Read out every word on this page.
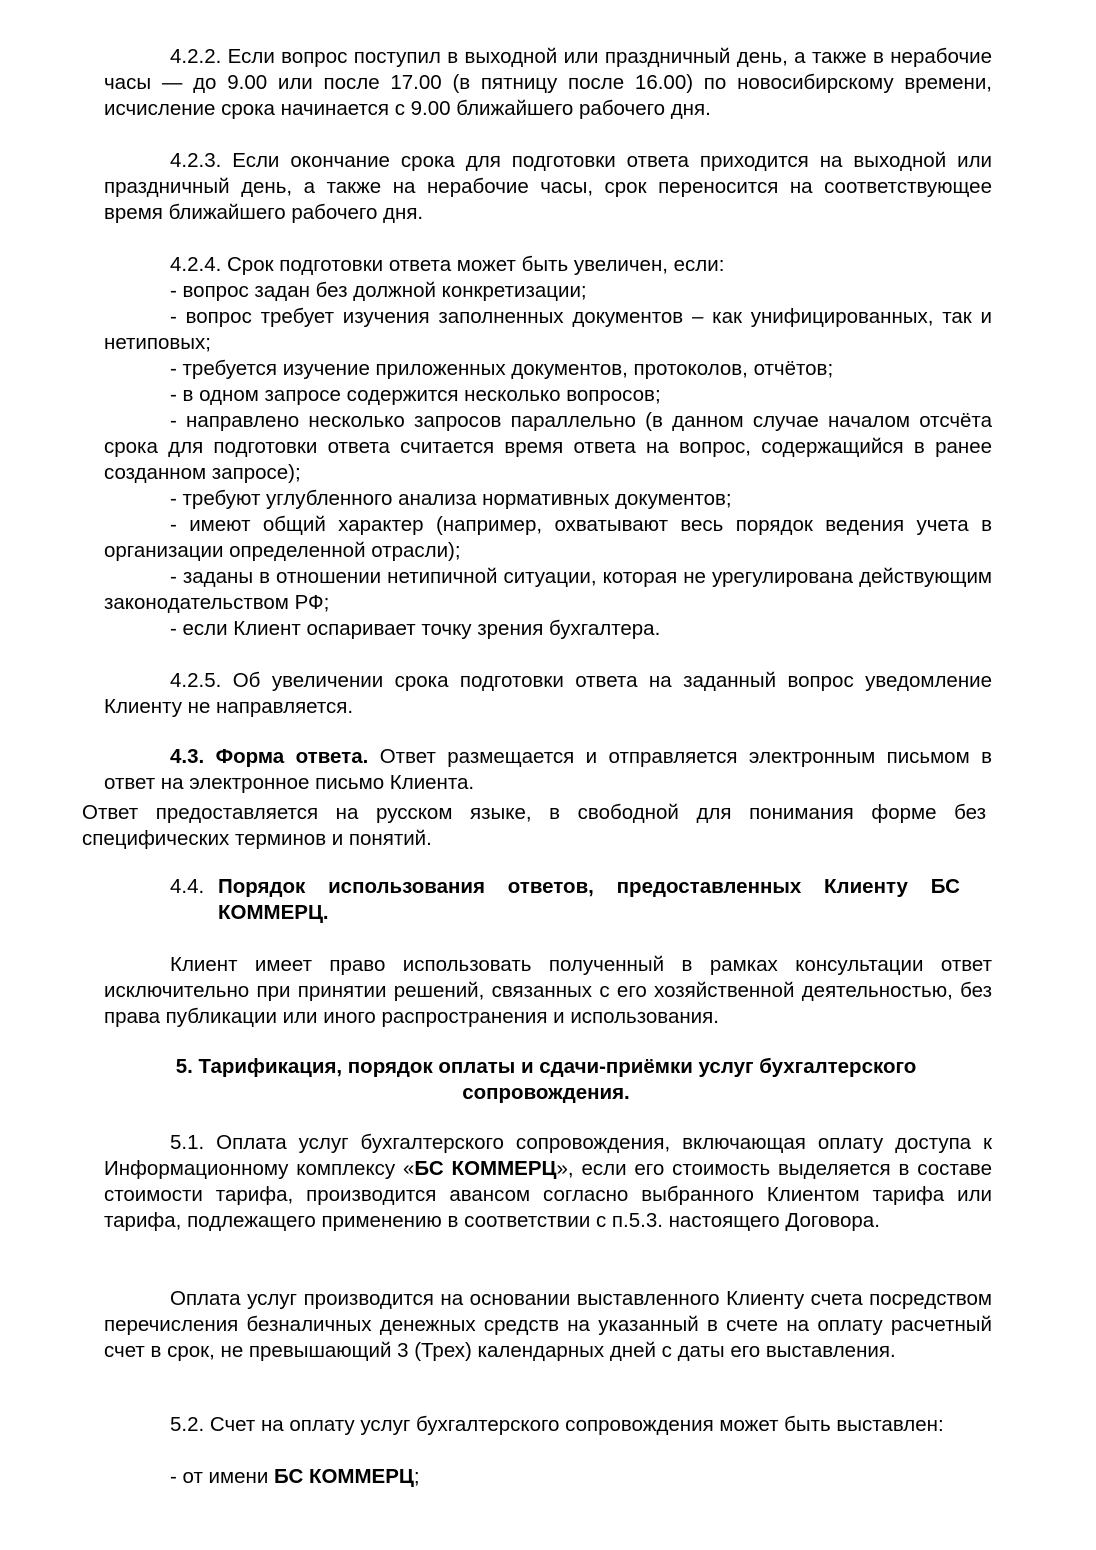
4.2.2. Если вопрос поступил в выходной или праздничный день, а также в нерабочие часы — до 9.00 или после 17.00 (в пятницу после 16.00) по новосибирскому времени, исчисление срока начинается с 9.00 ближайшего рабочего дня.

4.2.3. Если окончание срока для подготовки ответа приходится на выходной или праздничный день, а также на нерабочие часы, срок переносится на соответствующее время ближайшего рабочего дня.

4.2.4. Срок подготовки ответа может быть увеличен, если:

- вопрос задан без должной конкретизации;

- вопрос требует изучения заполненных документов – как унифицированных, так и нетиповых;

- требуется изучение приложенных документов, протоколов, отчётов;

- в одном запросе содержится несколько вопросов;

- направлено несколько запросов параллельно (в данном случае началом отсчёта срока для подготовки ответа считается время ответа на вопрос, содержащийся в ранее созданном запросе);

- требуют углубленного анализа нормативных документов;

- имеют общий характер (например, охватывают весь порядок ведения учета в организации определенной отрасли);

- заданы в отношении нетипичной ситуации, которая не урегулирована действующим законодательством РФ;

- если Клиент оспаривает точку зрения бухгалтера.

4.2.5. Об увеличении срока подготовки ответа на заданный вопрос уведомление Клиенту не направляется.

4.3. Форма ответа. Ответ размещается и отправляется электронным письмом в ответ на электронное письмо Клиента.

Ответ предоставляется на русском языке, в свободной для понимания форме без специфических терминов и понятий.

4.4. Порядок использования ответов, предоставленных Клиенту БС КОММЕРЦ.

Клиент имеет право использовать полученный в рамках консультации ответ исключительно при принятии решений, связанных с его хозяйственной деятельностью, без права публикации или иного распространения и использования.

5. Тарификация, порядок оплаты и сдачи-приёмки услуг бухгалтерского сопровождения.

5.1. Оплата услуг бухгалтерского сопровождения, включающая оплату доступа к Информационному комплексу «БС КОММЕРЦ», если его стоимость выделяется в составе стоимости тарифа, производится авансом согласно выбранного Клиентом тарифа или тарифа, подлежащего применению в соответствии с п.5.3. настоящего Договора.

Оплата услуг производится на основании выставленного Клиенту счета посредством перечисления безналичных денежных средств на указанный в счете на оплату расчетный счет в срок, не превышающий 3 (Трех) календарных дней с даты его выставления.

5.2. Счет на оплату услуг бухгалтерского сопровождения может быть выставлен:

- от имени БС КОММЕРЦ;
